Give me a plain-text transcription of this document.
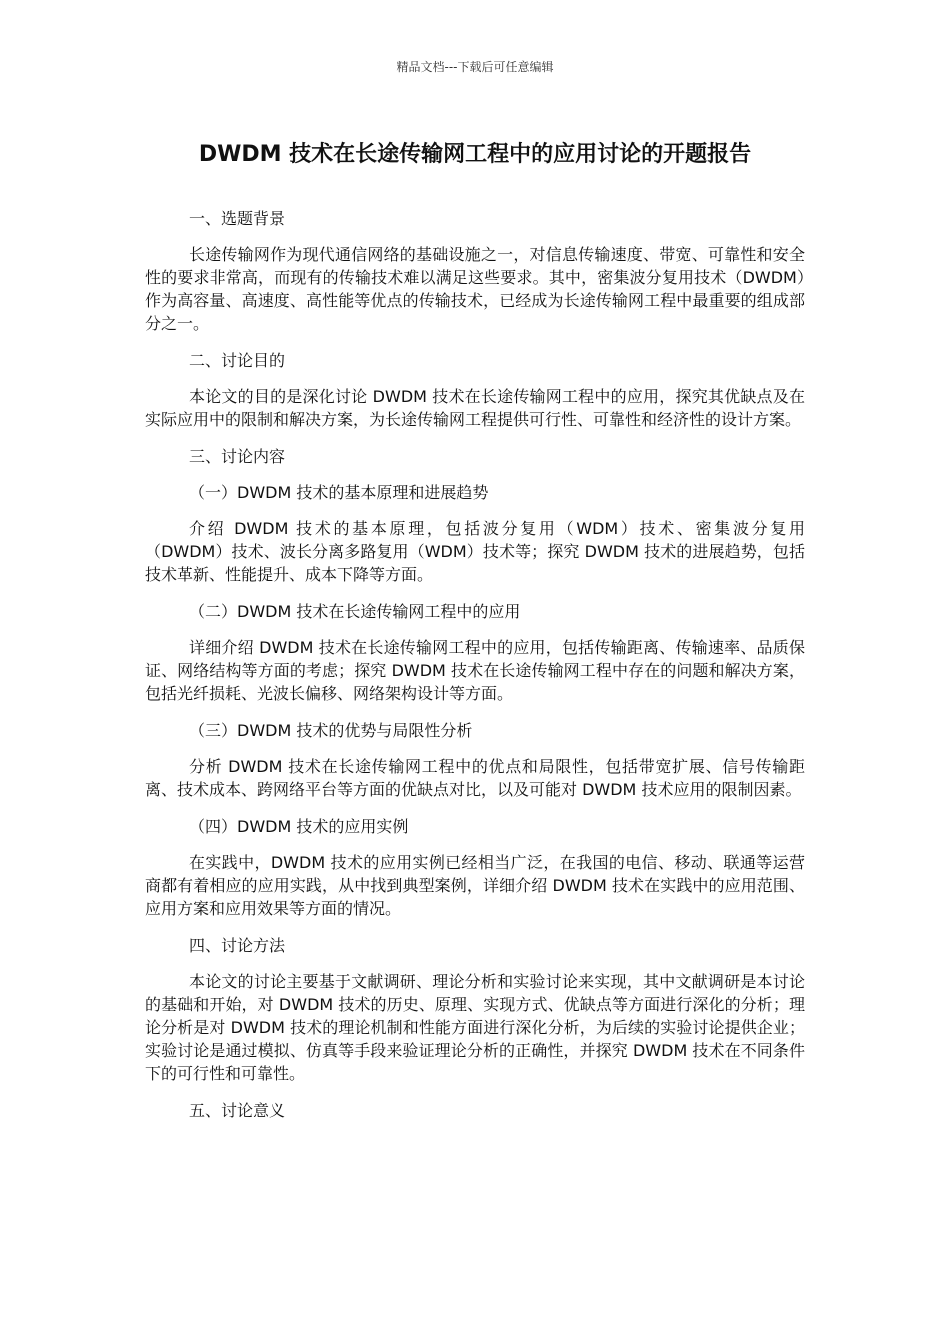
精品文档---下载后可任意编辑
DWDM 技术在长途传输网工程中的应用讨论的开题报告

一、选题背景

长途传输网作为现代通信网络的基础设施之一，对信息传输速度、带宽、可靠性和安全性的要求非常高，而现有的传输技术难以满足这些要求。其中，密集波分复用技术（DWDM）作为高容量、高速度、高性能等优点的传输技术，已经成为长途传输网工程中最重要的组成部分之一。

二、讨论目的

本论文的目的是深化讨论 DWDM 技术在长途传输网工程中的应用，探究其优缺点及在实际应用中的限制和解决方案，为长途传输网工程提供可行性、可靠性和经济性的设计方案。

三、讨论内容

（一）DWDM 技术的基本原理和进展趋势

介绍 DWDM 技术的基本原理，包括波分复用（WDM）技术、密集波分复用（DWDM）技术、波长分离多路复用（WDM）技术等；探究 DWDM 技术的进展趋势，包括技术革新、性能提升、成本下降等方面。

（二）DWDM 技术在长途传输网工程中的应用

详细介绍 DWDM 技术在长途传输网工程中的应用，包括传输距离、传输速率、品质保证、网络结构等方面的考虑；探究 DWDM 技术在长途传输网工程中存在的问题和解决方案，包括光纤损耗、光波长偏移、网络架构设计等方面。

（三）DWDM 技术的优势与局限性分析

分析 DWDM 技术在长途传输网工程中的优点和局限性，包括带宽扩展、信号传输距离、技术成本、跨网络平台等方面的优缺点对比，以及可能对 DWDM 技术应用的限制因素。

（四）DWDM 技术的应用实例

在实践中，DWDM 技术的应用实例已经相当广泛，在我国的电信、移动、联通等运营商都有着相应的应用实践，从中找到典型案例，详细介绍 DWDM 技术在实践中的应用范围、应用方案和应用效果等方面的情况。

四、讨论方法

本论文的讨论主要基于文献调研、理论分析和实验讨论来实现，其中文献调研是本讨论的基础和开始，对 DWDM 技术的历史、原理、实现方式、优缺点等方面进行深化的分析；理论分析是对 DWDM 技术的理论机制和性能方面进行深化分析，为后续的实验讨论提供企业；实验讨论是通过模拟、仿真等手段来验证理论分析的正确性，并探究 DWDM 技术在不同条件下的可行性和可靠性。

五、讨论意义
